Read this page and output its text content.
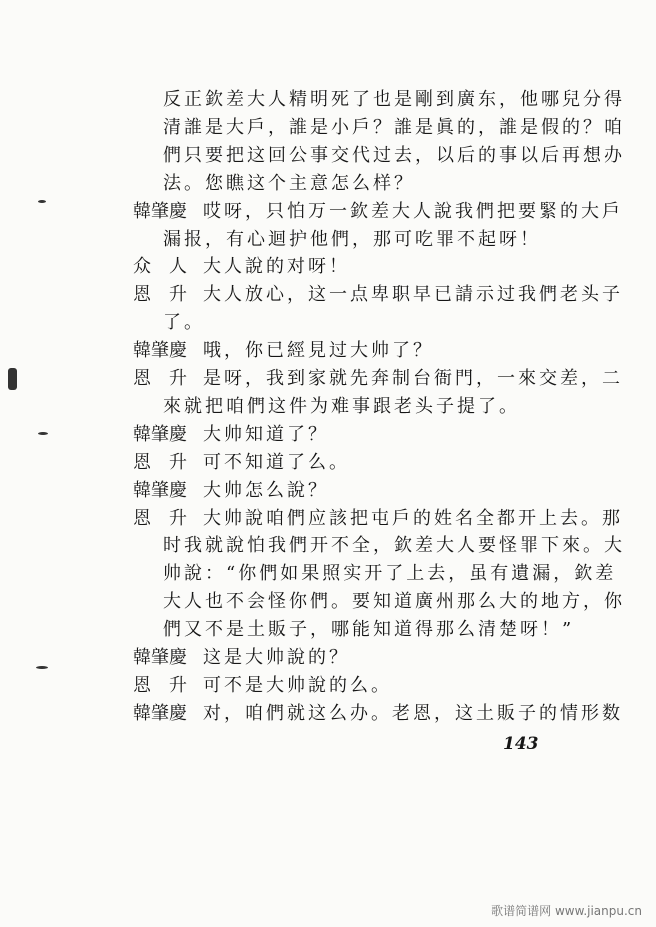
反正欽差大人精明死了也是剛到廣东，他哪兒分得
清誰是大戶，誰是小戶？誰是眞的，誰是假的？咱
們只要把这回公事交代过去，以后的事以后再想办
法。您瞧这个主意怎么样？
韓肇慶 哎呀，只怕万一欽差大人說我們把要緊的大戶
漏报，有心迴护他們，那可吃罪不起呀！
众　人 大人說的对呀！
恩　升 大人放心，这一点卑职早已請示过我們老头子
了。
韓肇慶 哦，你已經見过大帅了？
恩　升 是呀，我到家就先奔制台衙門，一來交差，二
來就把咱們这件为难事跟老头子提了。
韓肇慶 大帅知道了？
恩　升 可不知道了么。
韓肇慶 大帅怎么說？
恩　升 大帅說咱們应該把屯戶的姓名全都开上去。那
时我就說怕我們开不全，欽差大人要怪罪下來。大
帅說：“你們如果照实开了上去，虽有遺漏，欽差
大人也不会怪你們。要知道廣州那么大的地方，你
們又不是土販子，哪能知道得那么清楚呀！”
韓肇慶 这是大帅說的？
恩　升 可不是大帅說的么。
韓肇慶 对，咱們就这么办。老恩，这土販子的情形数
143
歌谱简谱网 www.jianpu.cn
